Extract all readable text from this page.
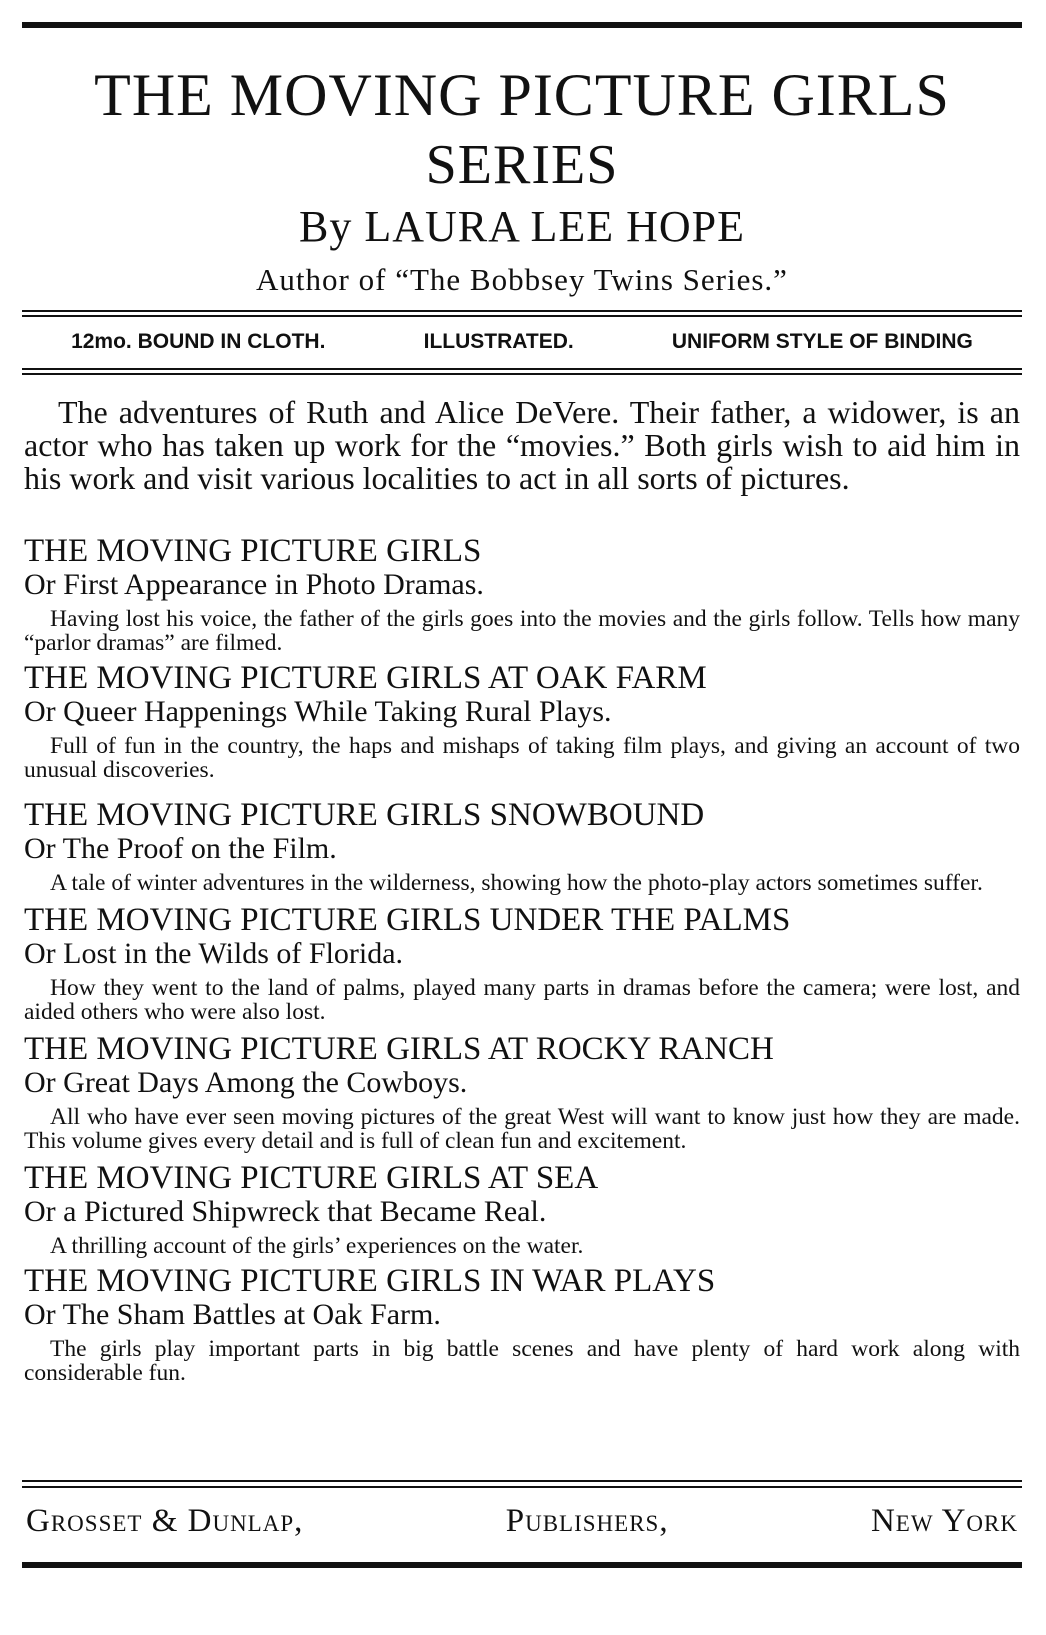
THE MOVING PICTURE GIRLS
SERIES
By LAURA LEE HOPE
Author of “The Bobbsey Twins Series.”
12mo. BOUND IN CLOTH.	ILLUSTRATED.	UNIFORM STYLE OF BINDING

The adventures of Ruth and Alice DeVere. Their father, a widower, is an actor who has taken up work for the “movies.” Both girls wish to aid him in his work and visit various localities to act in all sorts of pictures.

THE MOVING PICTURE GIRLS
Or First Appearance in Photo Dramas.
Having lost his voice, the father of the girls goes into the movies and the girls follow. Tells how many “parlor dramas” are filmed.
THE MOVING PICTURE GIRLS AT OAK FARM
Or Queer Happenings While Taking Rural Plays.
Full of fun in the country, the haps and mishaps of taking film plays, and giving an account of two unusual discoveries.
THE MOVING PICTURE GIRLS SNOWBOUND
Or The Proof on the Film.
A tale of winter adventures in the wilderness, showing how the photo-play actors sometimes suffer.
THE MOVING PICTURE GIRLS UNDER THE PALMS
Or Lost in the Wilds of Florida.
How they went to the land of palms, played many parts in dramas before the camera; were lost, and aided others who were also lost.
THE MOVING PICTURE GIRLS AT ROCKY RANCH
Or Great Days Among the Cowboys.
All who have ever seen moving pictures of the great West will want to know just how they are made. This volume gives every detail and is full of clean fun and excitement.
THE MOVING PICTURE GIRLS AT SEA
Or a Pictured Shipwreck that Became Real.
A thrilling account of the girls’ experiences on the water.
THE MOVING PICTURE GIRLS IN WAR PLAYS
Or The Sham Battles at Oak Farm.
The girls play important parts in big battle scenes and have plenty of hard work along with considerable fun.
Grosset & Dunlap,	Publishers,	New York
